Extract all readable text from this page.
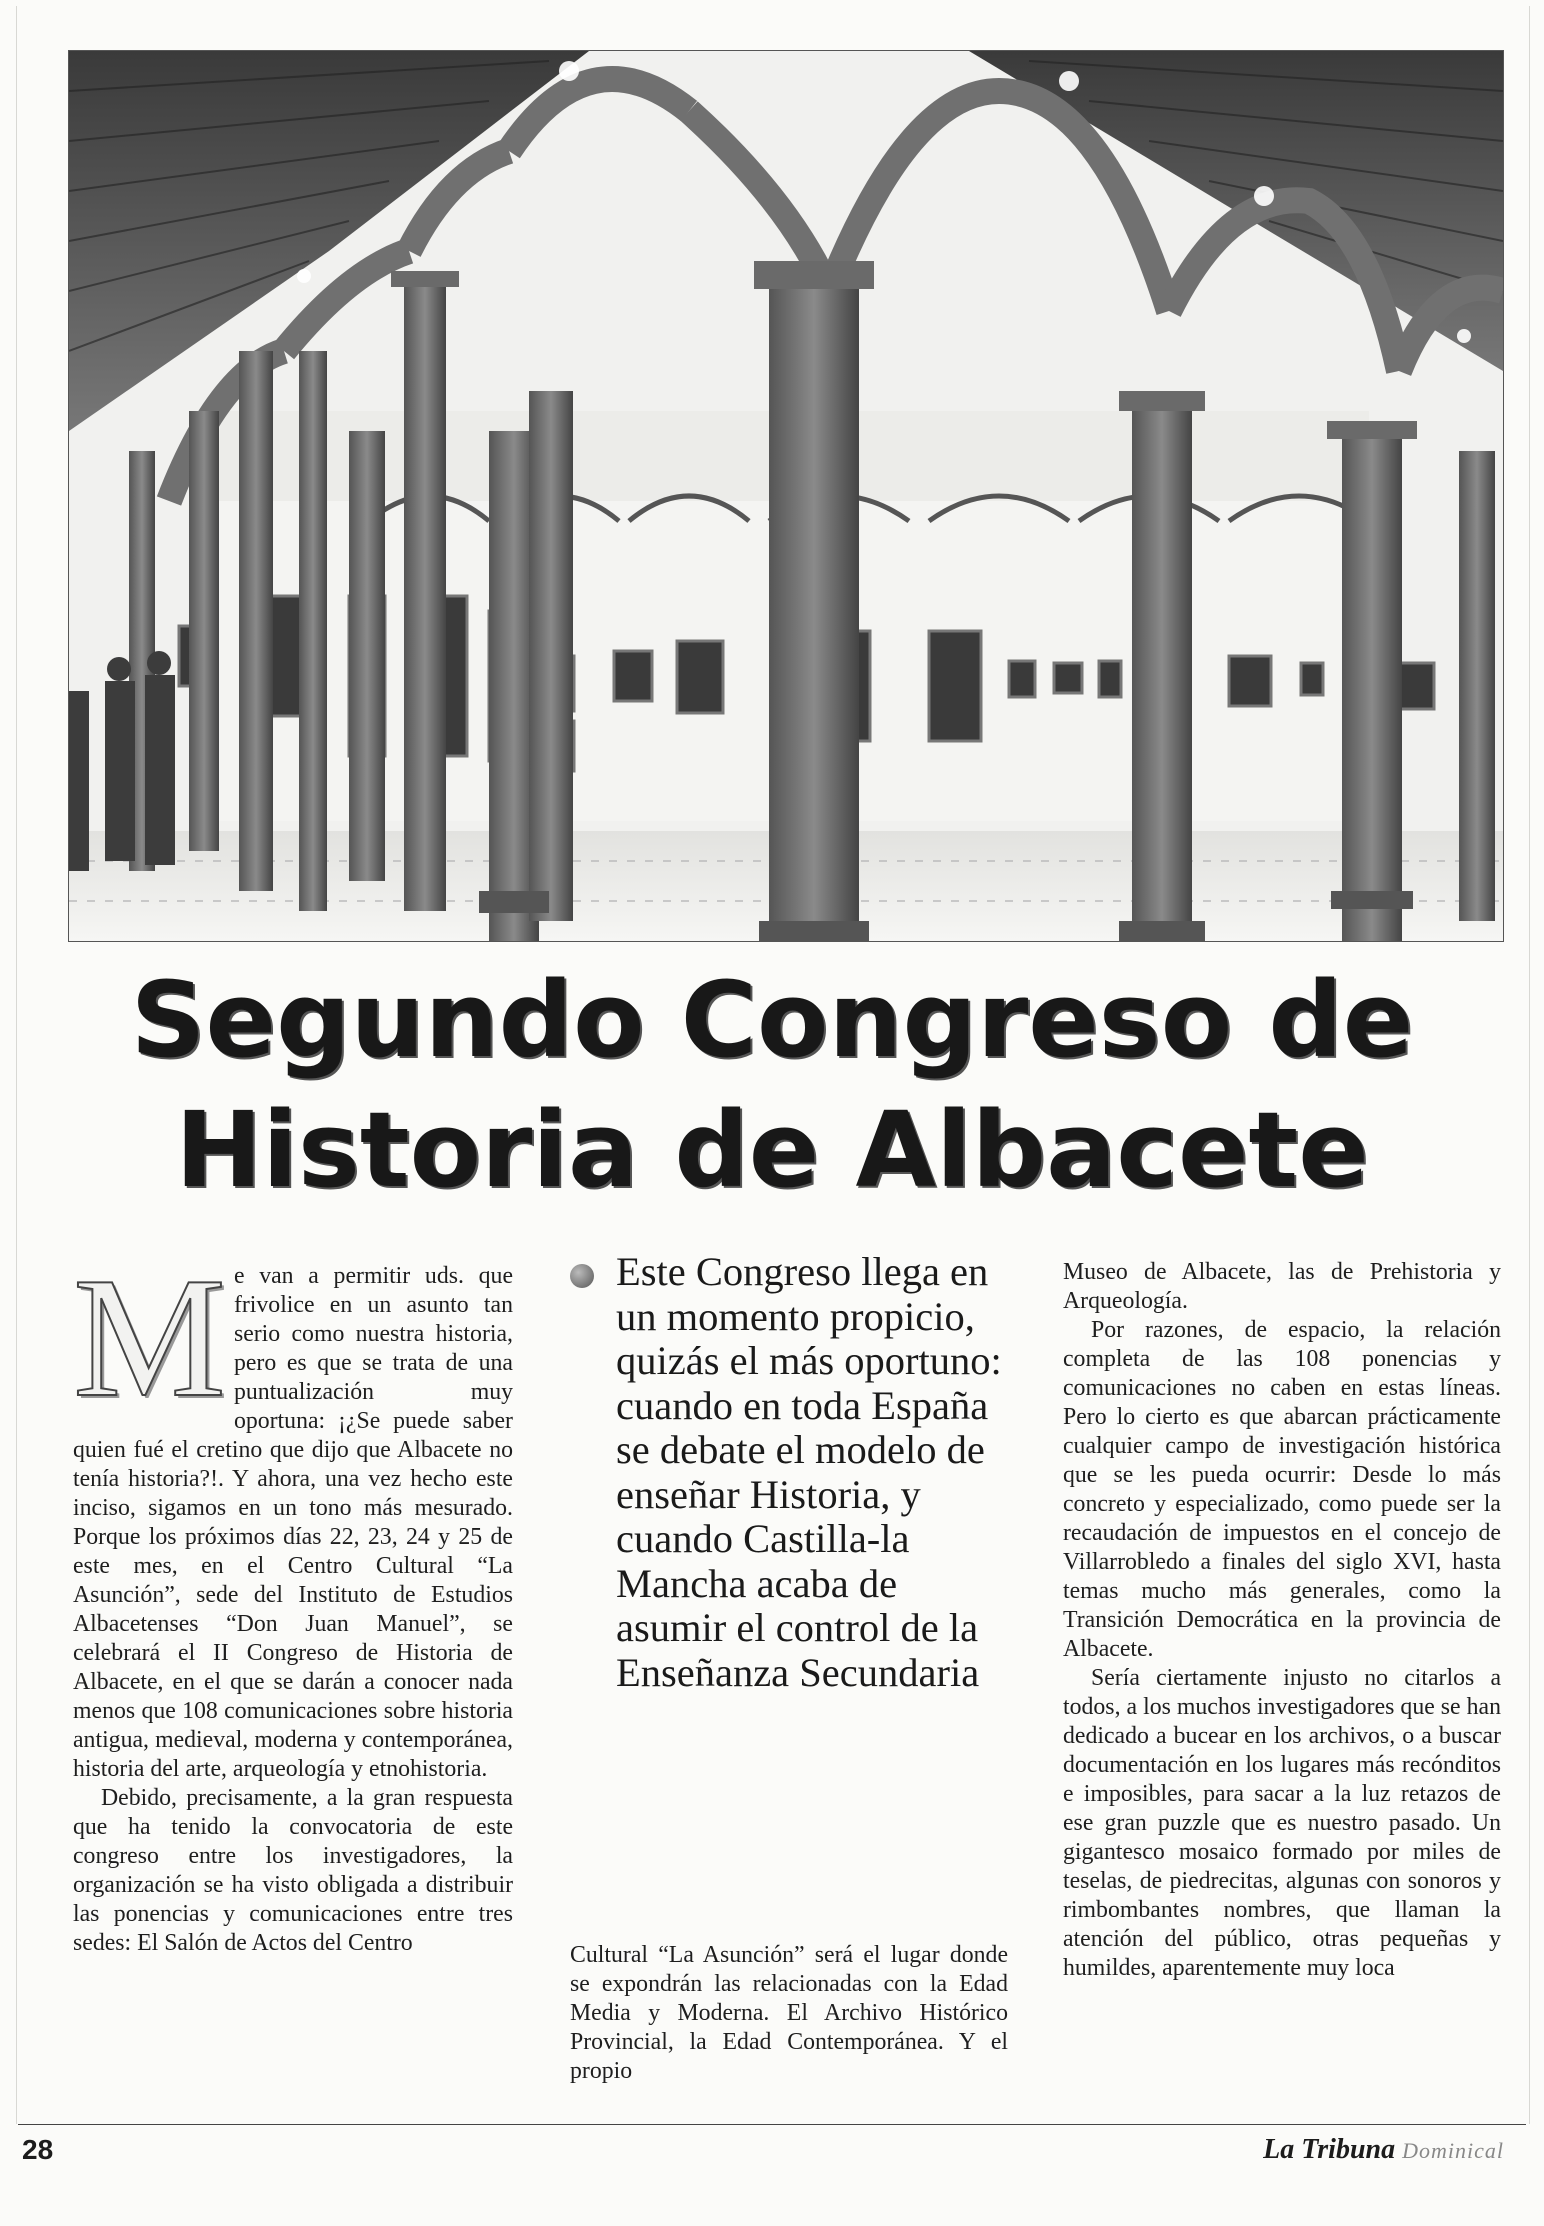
Segundo Congreso de
Historia de Albacete
M e van a permitir uds. que frivolice en un asunto tan serio como nuestra historia, pero es que se trata de una puntualización muy oportuna: ¡¿Se puede saber quien fué el cretino que dijo que Albacete no tenía historia?!. Y ahora, una vez hecho este inciso, sigamos en un tono más mesurado. Porque los próximos días 22, 23, 24 y 25 de este mes, en el Centro Cultural “La Asunción”, sede del Instituto de Estudios Albacetenses “Don Juan Manuel”, se celebrará el II Congreso de Historia de Albacete, en el que se darán a conocer nada menos que 108 comunicaciones sobre historia antigua, medieval, moderna y contemporánea, historia del arte, arqueología y etnohistoria.

Debido, precisamente, a la gran respuesta que ha tenido la convocatoria de este congreso entre los investigadores, la organización se ha visto obligada a distribuir las ponencias y comunicaciones entre tres sedes: El Salón de Actos del Centro

Este Congreso llega en un momento propicio, quizás el más oportuno: cuando en toda España se debate el modelo de enseñar Historia, y cuando Castilla-la Mancha acaba de asumir el control de la Enseñanza Secundaria

Cultural “La Asunción” será el lugar donde se expondrán las relacionadas con la Edad Media y Moderna. El Archivo Histórico Provincial, la Edad Contemporánea. Y el propio

Museo de Albacete, las de Prehistoria y Arqueología.

Por razones, de espacio, la relación completa de las 108 ponencias y comunicaciones no caben en estas líneas. Pero lo cierto es que abarcan prácticamente cualquier campo de investigación histórica que se les pueda ocurrir: Desde lo más concreto y especializado, como puede ser la recaudación de impuestos en el concejo de Villarrobledo a finales del siglo XVI, hasta temas mucho más generales, como la Transición Democrática en la provincia de Albacete.

Sería ciertamente injusto no citarlos a todos, a los muchos investigadores que se han dedicado a bucear en los archivos, o a buscar documentación en los lugares más recónditos e imposibles, para sacar a la luz retazos de ese gran puzzle que es nuestro pasado. Un gigantesco mosaico formado por miles de teselas, de piedrecitas, algunas con sonoros y rimbombantes nombres, que llaman la atención del público, otras pequeñas y humildes, aparentemente muy loca

28	La Tribuna Dominical
